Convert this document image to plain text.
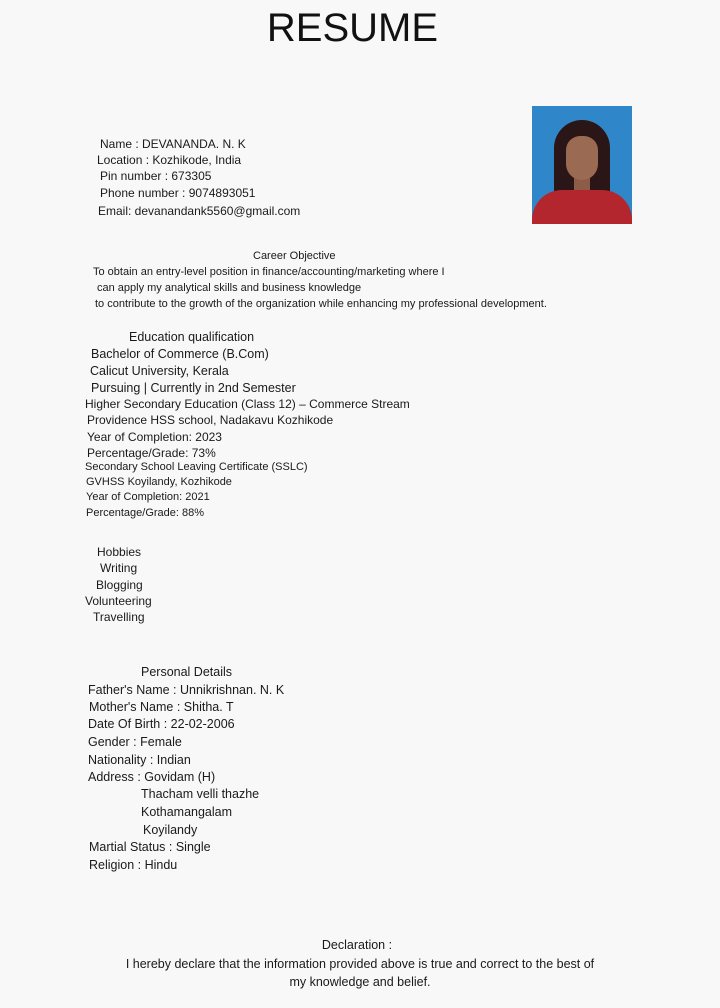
RESUME
Name : DEVANANDA. N. K
Location : Kozhikode, India
Pin number : 673305
Phone number : 9074893051
Email: devanandank5560@gmail.com
Career Objective
To obtain an entry-level position in finance/accounting/marketing where I
can apply my analytical skills and business knowledge
to contribute to the growth of the organization while enhancing my professional development.
Education qualification
Bachelor of Commerce (B.Com)
Calicut University, Kerala
Pursuing | Currently in 2nd Semester
Higher Secondary Education (Class 12) – Commerce Stream
Providence HSS school, Nadakavu Kozhikode
Year of Completion: 2023
Percentage/Grade: 73%
Secondary School Leaving Certificate (SSLC)
GVHSS Koyilandy, Kozhikode
Year of Completion: 2021
Percentage/Grade: 88%
Hobbies
Writing
Blogging
Volunteering
Travelling
Personal Details
Father's Name : Unnikrishnan. N. K
Mother's Name : Shitha. T
Date Of Birth : 22-02-2006
Gender : Female
Nationality : Indian
Address : Govidam (H)
Thacham velli thazhe
Kothamangalam
Koyilandy
Martial Status : Single
Religion : Hindu
Declaration :
I hereby declare that the information provided above is true and correct to the best of
my knowledge and belief.
